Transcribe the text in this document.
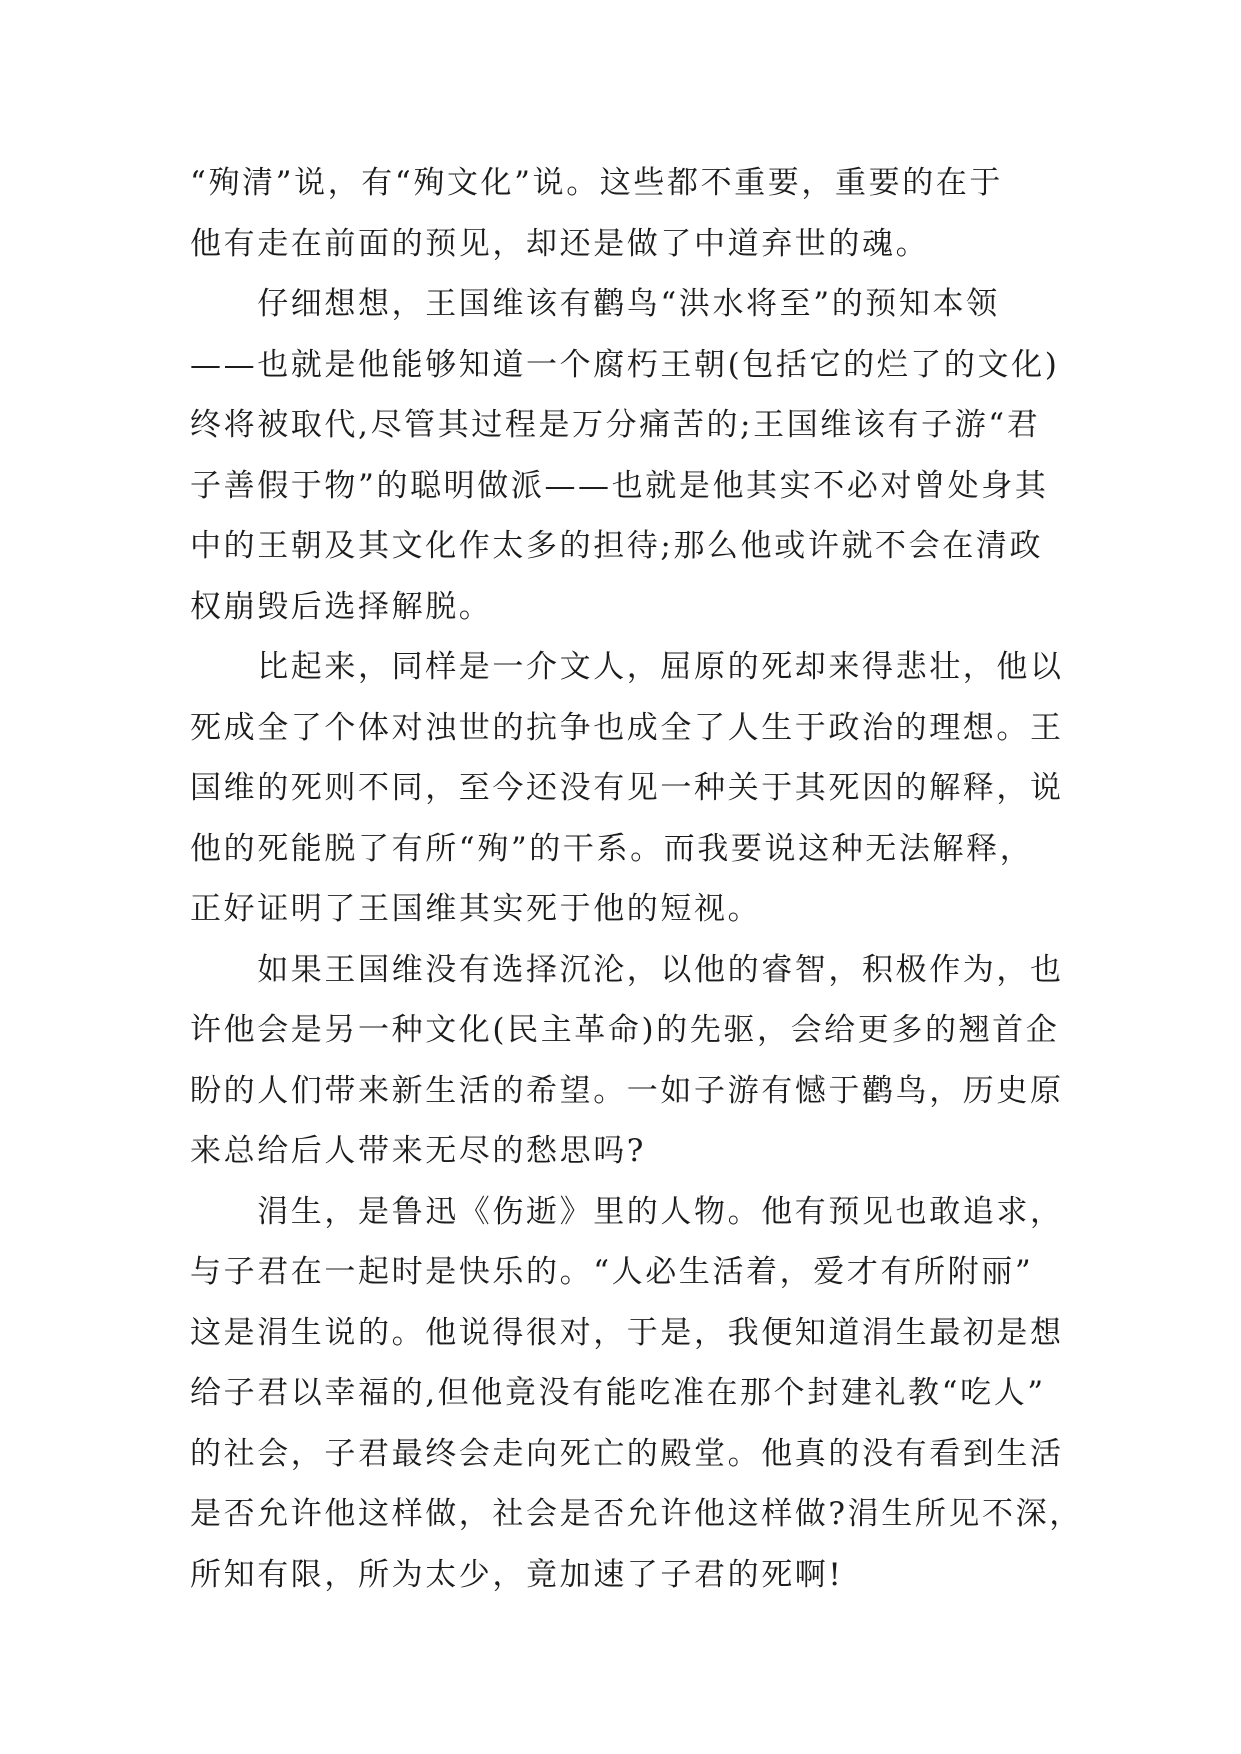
“殉清”说，有“殉文化”说。这些都不重要，重要的在于
他有走在前面的预见，却还是做了中道弃世的魂。
　　仔细想想，王国维该有鹳鸟“洪水将至”的预知本领
——也就是他能够知道一个腐朽王朝(包括它的烂了的文化)
终将被取代,尽管其过程是万分痛苦的;王国维该有子游“君
子善假于物”的聪明做派——也就是他其实不必对曾处身其
中的王朝及其文化作太多的担待;那么他或许就不会在清政
权崩毁后选择解脱。
　　比起来，同样是一介文人，屈原的死却来得悲壮，他以
死成全了个体对浊世的抗争也成全了人生于政治的理想。王
国维的死则不同，至今还没有见一种关于其死因的解释，说
他的死能脱了有所“殉”的干系。而我要说这种无法解释，
正好证明了王国维其实死于他的短视。
　　如果王国维没有选择沉沦，以他的睿智，积极作为，也
许他会是另一种文化(民主革命)的先驱，会给更多的翘首企
盼的人们带来新生活的希望。一如子游有憾于鹳鸟，历史原
来总给后人带来无尽的愁思吗?
　　涓生，是鲁迅《伤逝》里的人物。他有预见也敢追求，
与子君在一起时是快乐的。“人必生活着，爱才有所附丽”
这是涓生说的。他说得很对，于是，我便知道涓生最初是想
给子君以幸福的,但他竟没有能吃准在那个封建礼教“吃人”
的社会，子君最终会走向死亡的殿堂。他真的没有看到生活
是否允许他这样做，社会是否允许他这样做?涓生所见不深，
所知有限，所为太少，竟加速了子君的死啊!
